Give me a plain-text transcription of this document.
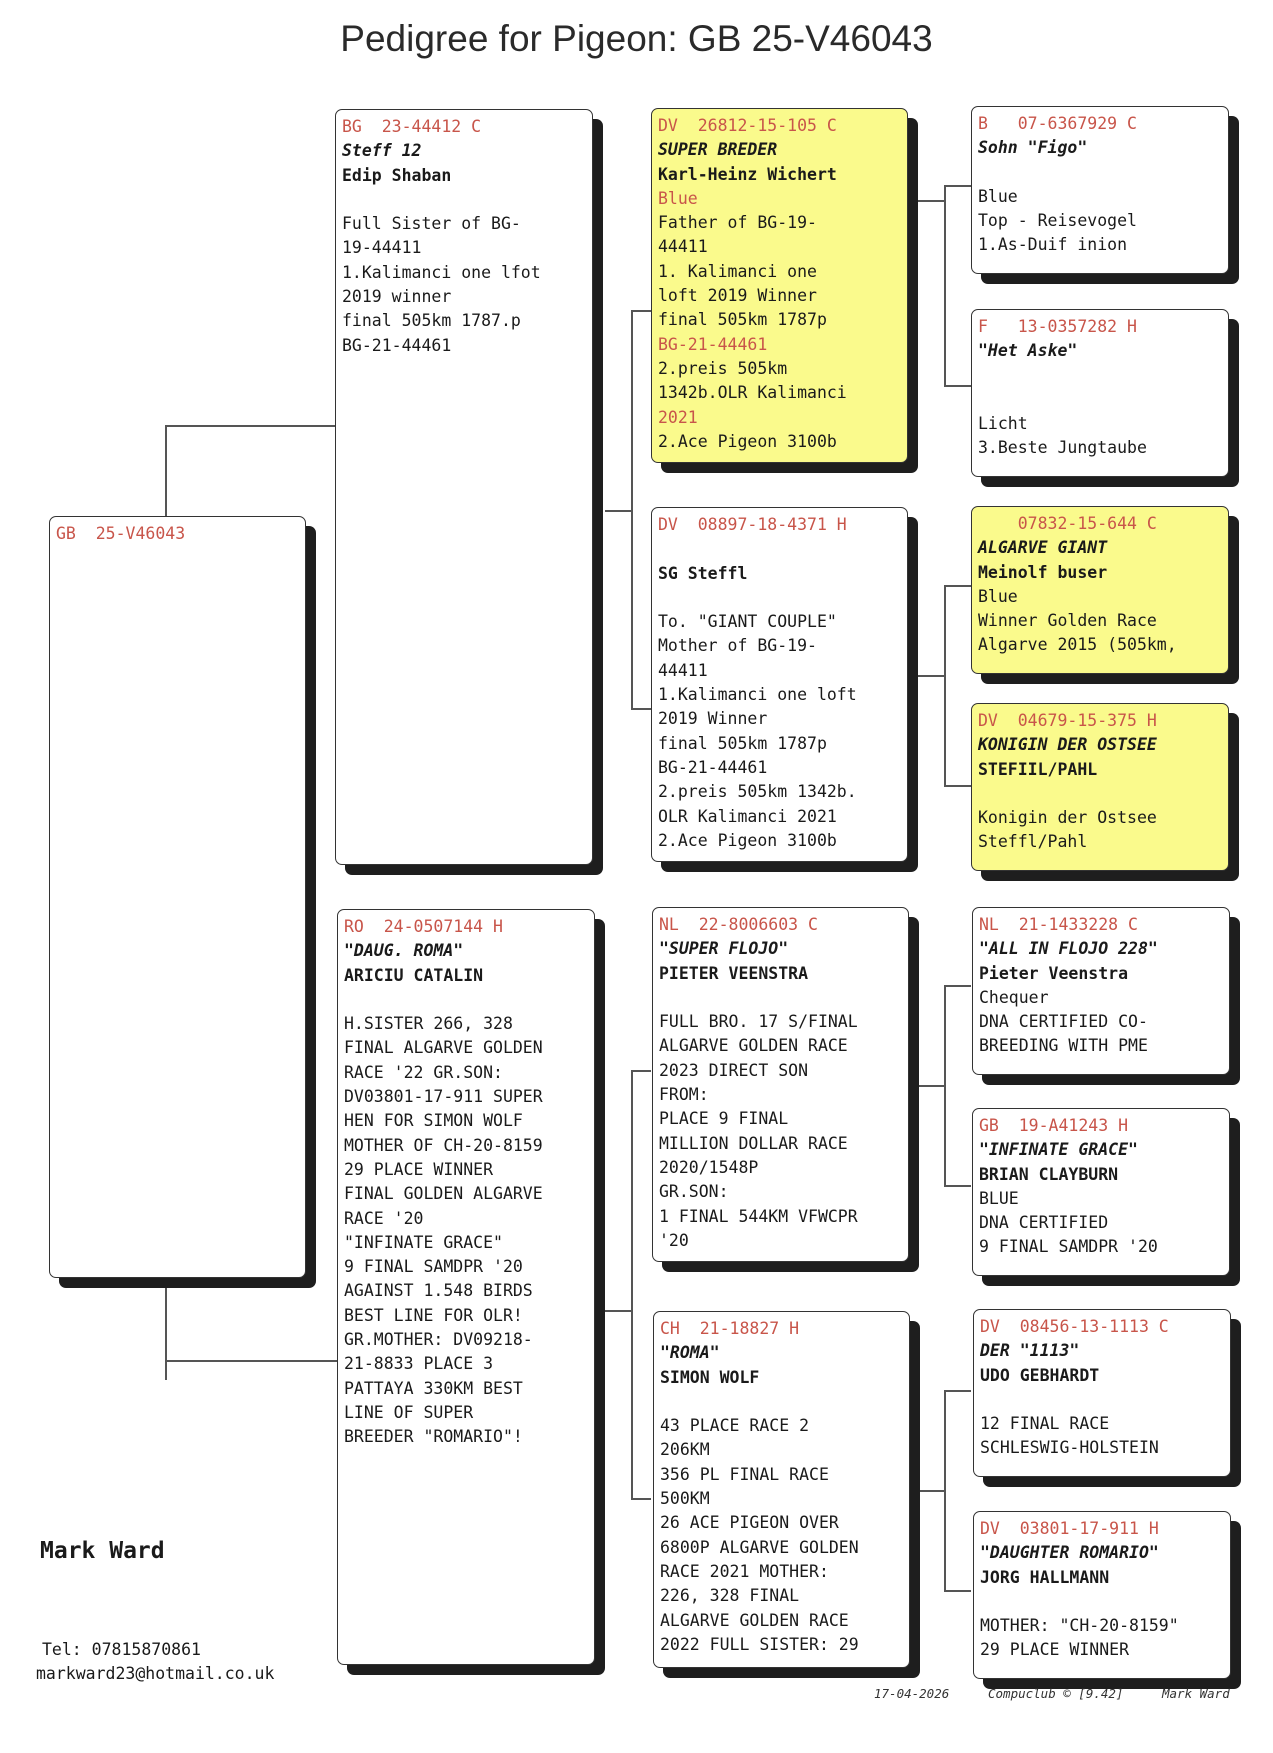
Pedigree for Pigeon: GB 25-V46043
GB  25-V46043
BG  23-44412 C
Steff 12
Edip Shaban
Full Sister of BG-
19-44411
1.Kalimanci one lfot
2019 winner
final 505km 1787.p
BG-21-44461
RO  24-0507144 H
"DAUG. ROMA"
ARICIU CATALIN
H.SISTER 266, 328
FINAL ALGARVE GOLDEN
RACE '22 GR.SON:
DV03801-17-911 SUPER
HEN FOR SIMON WOLF
MOTHER OF CH-20-8159
29 PLACE WINNER
FINAL GOLDEN ALGARVE
RACE '20
"INFINATE GRACE"
9 FINAL SAMDPR '20
AGAINST 1.548 BIRDS
BEST LINE FOR OLR!
GR.MOTHER: DV09218-
21-8833 PLACE 3
PATTAYA 330KM BEST
LINE OF SUPER
BREEDER "ROMARIO"!
DV  26812-15-105 C
SUPER BREDER
Karl-Heinz Wichert
Blue
Father of BG-19-
44411
1. Kalimanci one
loft 2019 Winner
final 505km 1787p
BG-21-44461
2.preis 505km
1342b.OLR Kalimanci
2021
2.Ace Pigeon 3100b
DV  08897-18-4371 H
SG Steffl
To. "GIANT COUPLE"
Mother of BG-19-
44411
1.Kalimanci one loft
2019 Winner
final 505km 1787p
BG-21-44461
2.preis 505km 1342b.
OLR Kalimanci 2021
2.Ace Pigeon 3100b
NL  22-8006603 C
"SUPER FLOJO"
PIETER VEENSTRA
FULL BRO. 17 S/FINAL
ALGARVE GOLDEN RACE
2023 DIRECT SON
FROM:
PLACE 9 FINAL
MILLION DOLLAR RACE
2020/1548P
GR.SON:
1 FINAL 544KM VFWCPR
'20
CH  21-18827 H
"ROMA"
SIMON WOLF
43 PLACE RACE 2
206KM
356 PL FINAL RACE
500KM
26 ACE PIGEON OVER
6800P ALGARVE GOLDEN
RACE 2021 MOTHER:
226, 328 FINAL
ALGARVE GOLDEN RACE
2022 FULL SISTER: 29
B   07-6367929 C
Sohn "Figo"
Blue
Top - Reisevogel
1.As-Duif inion
F   13-0357282 H
"Het Aske"
Licht
3.Beste Jungtaube
07832-15-644 C
ALGARVE GIANT
Meinolf buser
Blue
Winner Golden Race
Algarve 2015 (505km,
DV  04679-15-375 H
KONIGIN DER OSTSEE
STEFIIL/PAHL
Konigin der Ostsee
Steffl/Pahl
NL  21-1433228 C
"ALL IN FLOJO 228"
Pieter Veenstra
Chequer
DNA CERTIFIED CO-
BREEDING WITH PME
GB  19-A41243 H
"INFINATE GRACE"
BRIAN CLAYBURN
BLUE
DNA CERTIFIED
9 FINAL SAMDPR '20
DV  08456-13-1113 C
DER "1113"
UDO GEBHARDT
12 FINAL RACE
SCHLESWIG-HOLSTEIN
DV  03801-17-911 H
"DAUGHTER ROMARIO"
JORG HALLMANN
MOTHER: "CH-20-8159"
29 PLACE WINNER
Mark Ward
Tel: 07815870861
markward23@hotmail.co.uk
17-04-2026	Compuclub © [9.42]	Mark Ward
